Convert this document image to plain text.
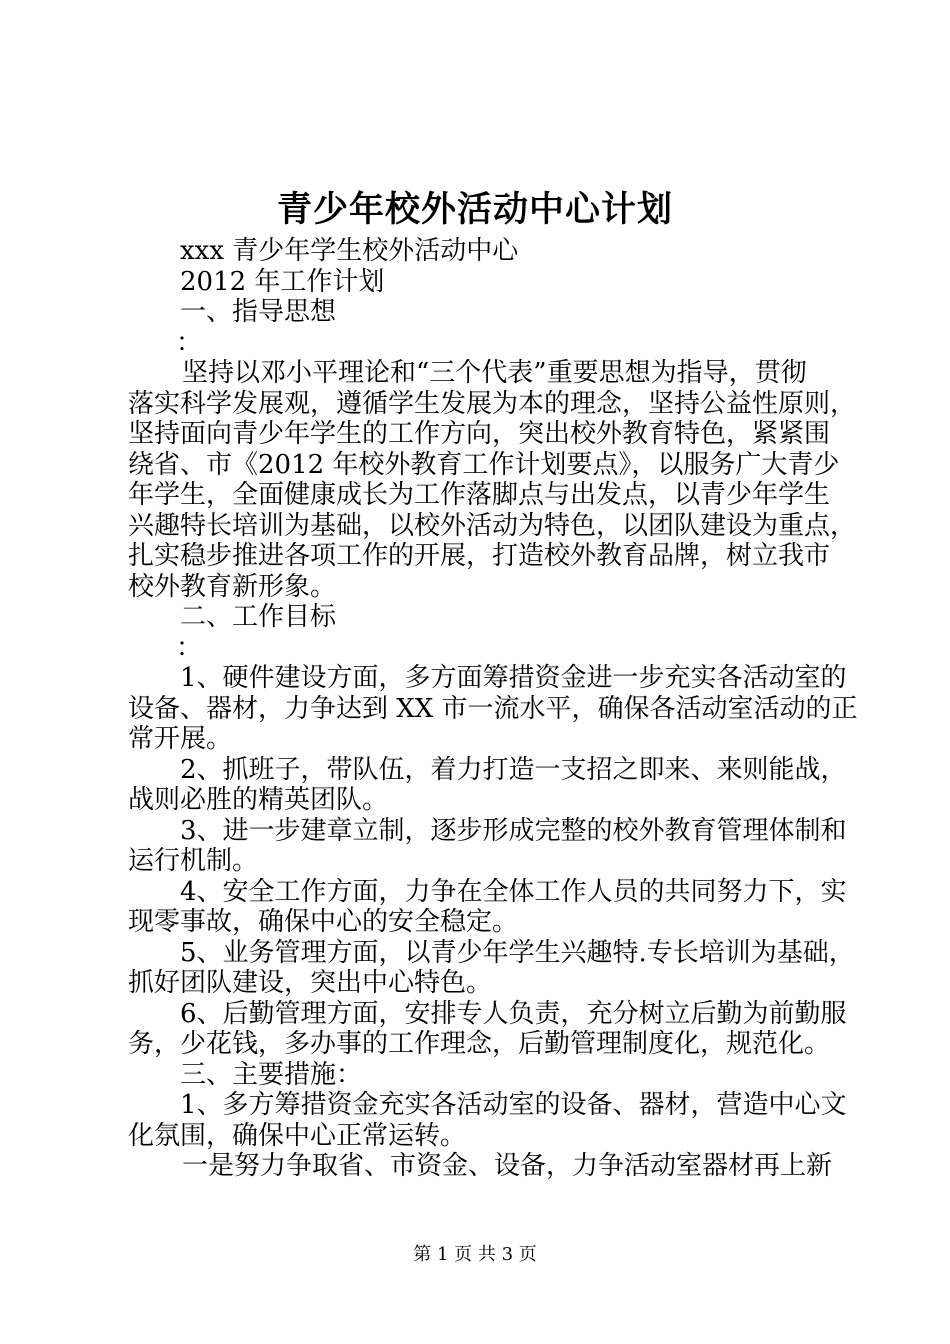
青少年校外活动中心计划

xxx 青少年学生校外活动中心

2012 年工作计划

一、指导思想

：

坚持以邓小平理论和“三个代表”重要思想为指导，贯彻

落实科学发展观，遵循学生发展为本的理念，坚持公益性原则，

坚持面向青少年学生的工作方向，突出校外教育特色，紧紧围

绕省、市《2012 年校外教育工作计划要点》，以服务广大青少

年学生，全面健康成长为工作落脚点与出发点，以青少年学生

兴趣特长培训为基础，以校外活动为特色，以团队建设为重点，

扎实稳步推进各项工作的开展，打造校外教育品牌，树立我市

校外教育新形象。

二、工作目标

：

1、硬件建设方面，多方面筹措资金进一步充实各活动室的

设备、器材，力争达到 XX 市一流水平，确保各活动室活动的正

常开展。

2、抓班子，带队伍，着力打造一支招之即来、来则能战，

战则必胜的精英团队。

3、进一步建章立制，逐步形成完整的校外教育管理体制和

运行机制。

4、安全工作方面，力争在全体工作人员的共同努力下，实

现零事故，确保中心的安全稳定。

5、业务管理方面，以青少年学生兴趣特.专长培训为基础，

抓好团队建设，突出中心特色。

6、后勤管理方面，安排专人负责，充分树立后勤为前勤服

务，少花钱，多办事的工作理念，后勤管理制度化，规范化。

三、主要措施：

1、多方筹措资金充实各活动室的设备、器材，营造中心文

化氛围，确保中心正常运转。

一是努力争取省、市资金、设备，力争活动室器材再上新

第 1 页 共 3 页
